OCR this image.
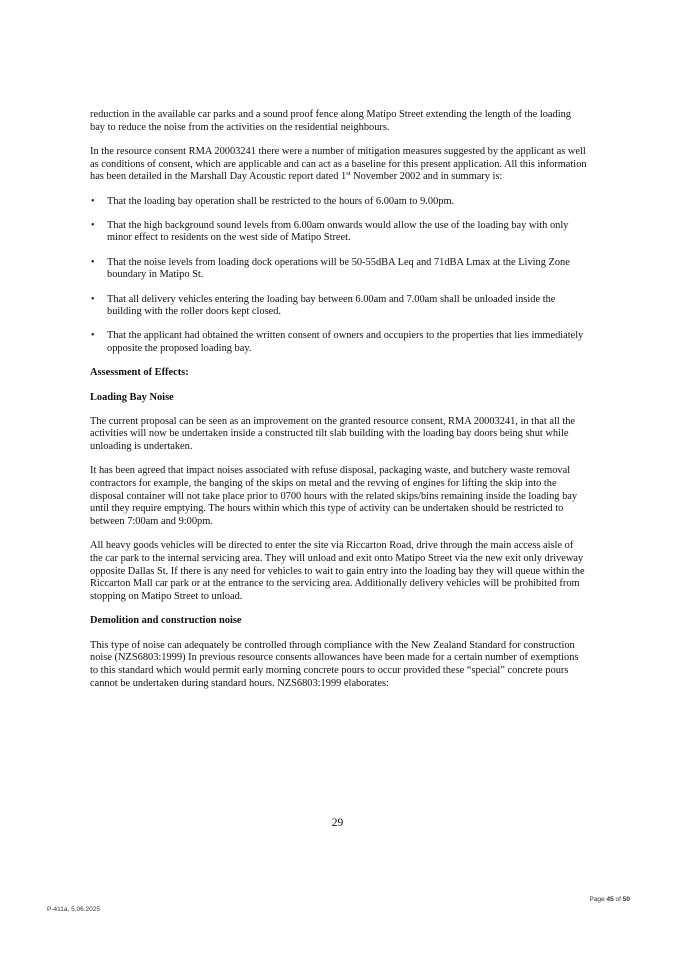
reduction in the available car parks and a sound proof fence along Matipo Street extending the length of the loading bay to reduce the noise from the activities on the residential neighbours.

In the resource consent RMA 20003241 there were a number of mitigation measures suggested by the applicant as well as conditions of consent, which are applicable and can act as a baseline for this present application. All this information has been detailed in the Marshall Day Acoustic report dated 1st November 2002 and in summary is:

• That the loading bay operation shall be restricted to the hours of 6.00am to 9.00pm.
• That the high background sound levels from 6.00am onwards would allow the use of the loading bay with only minor effect to residents on the west side of Matipo Street.
• That the noise levels from loading dock operations will be 50-55dBA Leq and 71dBA Lmax at the Living Zone boundary in Matipo St.
• That all delivery vehicles entering the loading bay between 6.00am and 7.00am shall be unloaded inside the building with the roller doors kept closed.
• That the applicant had obtained the written consent of owners and occupiers to the properties that lies immediately opposite the proposed loading bay.
Assessment of Effects:
Loading Bay Noise

The current proposal can be seen as an improvement on the granted resource consent, RMA 20003241, in that all the activities will now be undertaken inside a constructed tilt slab building with the loading bay doors being shut while unloading is undertaken.

It has been agreed that impact noises associated with refuse disposal, packaging waste, and butchery waste removal contractors for example, the banging of the skips on metal and the revving of engines for lifting the skip into the disposal container will not take place prior to 0700 hours with the related skips/bins remaining inside the loading bay until they require emptying. The hours within which this type of activity can be undertaken should be restricted to between 7:00am and 9:00pm.

All heavy goods vehicles will be directed to enter the site via Riccarton Road, drive through the main access aisle of the car park to the internal servicing area. They will unload and exit onto Matipo Street via the new exit only driveway opposite Dallas St. If there is any need for vehicles to wait to gain entry into the loading bay they will queue within the Riccarton Mall car park or at the entrance to the servicing area. Additionally delivery vehicles will be prohibited from stopping on Matipo Street to unload.

Demolition and construction noise

This type of noise can adequately be controlled through compliance with the New Zealand Standard for construction noise (NZS6803:1999) In previous resource consents allowances have been made for a certain number of exemptions to this standard which would permit early morning concrete pours to occur provided these “special” concrete pours cannot be undertaken during standard hours. NZS6803:1999 elaborates:

29
P-411a, 5.06.2025
Page 45 of 50
